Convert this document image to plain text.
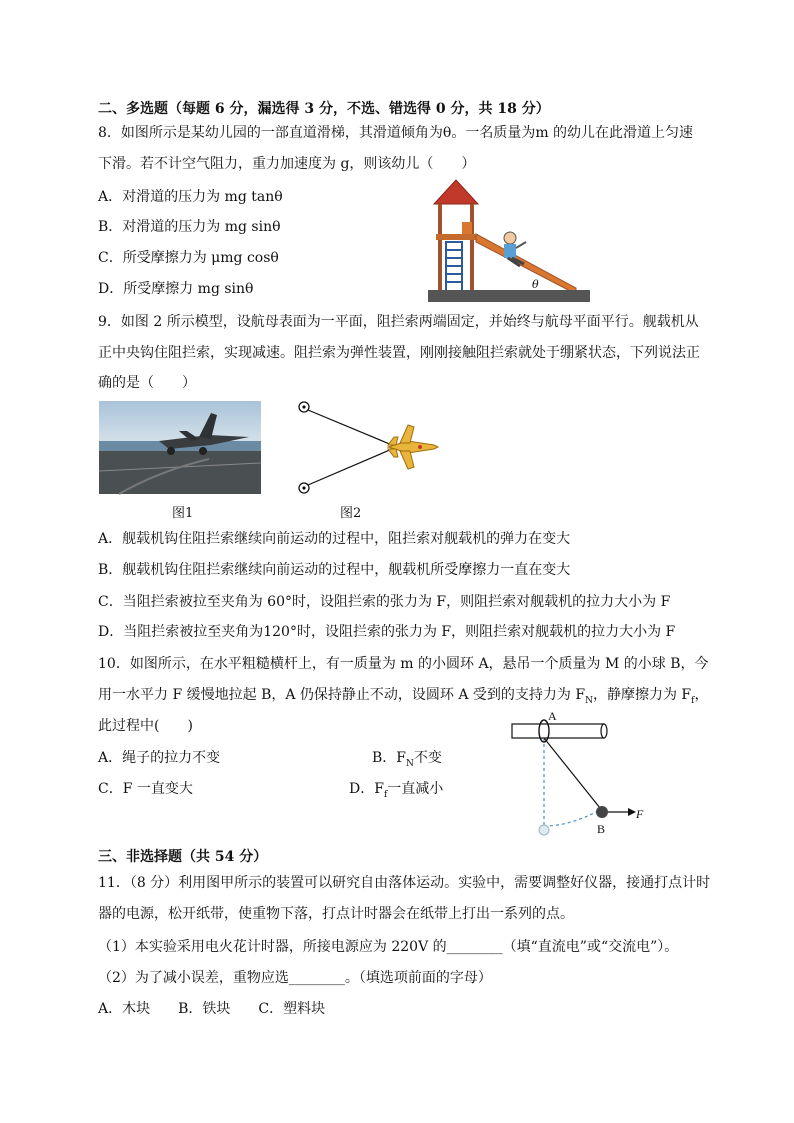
二、多选题（每题 6 分，漏选得 3 分，不选、错选得 0 分，共 18 分）
8．如图所示是某幼儿园的一部直道滑梯，其滑道倾角为θ。一名质量为m 的幼儿在此滑道上匀速
下滑。若不计空气阻力，重力加速度为 g，则该幼儿（　　）
A．对滑道的压力为 mg tanθ
B．对滑道的压力为 mg sinθ
C．所受摩擦力为 μmg cosθ
D．所受摩擦力 mg sinθ	θ
9．如图 2 所示模型，设航母表面为一平面，阻拦索两端固定，并始终与航母平面平行。舰载机从
正中央钩住阻拦索，实现减速。阻拦索为弹性装置，刚刚接触阻拦索就处于绷紧状态，下列说法正
确的是（　　）
图1	图2
A．舰载机钩住阻拦索继续向前运动的过程中，阻拦索对舰载机的弹力在变大
B．舰载机钩住阻拦索继续向前运动的过程中，舰载机所受摩擦力一直在变大
C．当阻拦索被拉至夹角为 60°时，设阻拦索的张力为 F，则阻拦索对舰载机的拉力大小为 F
D．当阻拦索被拉至夹角为120°时，设阻拦索的张力为 F，则阻拦索对舰载机的拉力大小为 F
10．如图所示，在水平粗糙横杆上，有一质量为 m 的小圆环 A，悬吊一个质量为 M 的小球 B，今
用一水平力 F 缓慢地拉起 B，A 仍保持静止不动，设圆环 A 受到的支持力为 $F_N$，静摩擦力为 $F_f$，
此过程中(　　)
A．绳子的拉力不变	B．$F_N$不变
C．F 一直变大	D．$F_f$一直减小
A
B
F
三、非选择题（共 54 分）
11．（8 分）利用图甲所示的装置可以研究自由落体运动。实验中，需要调整好仪器，接通打点计时
器的电源，松开纸带，使重物下落，打点计时器会在纸带上打出一系列的点。
（1）本实验采用电火花计时器，所接电源应为 220V 的________（填“直流电”或“交流电”）。
（2）为了减小误差，重物应选________。（填选项前面的字母）
A．木块　　B．铁块　　C．塑料块
